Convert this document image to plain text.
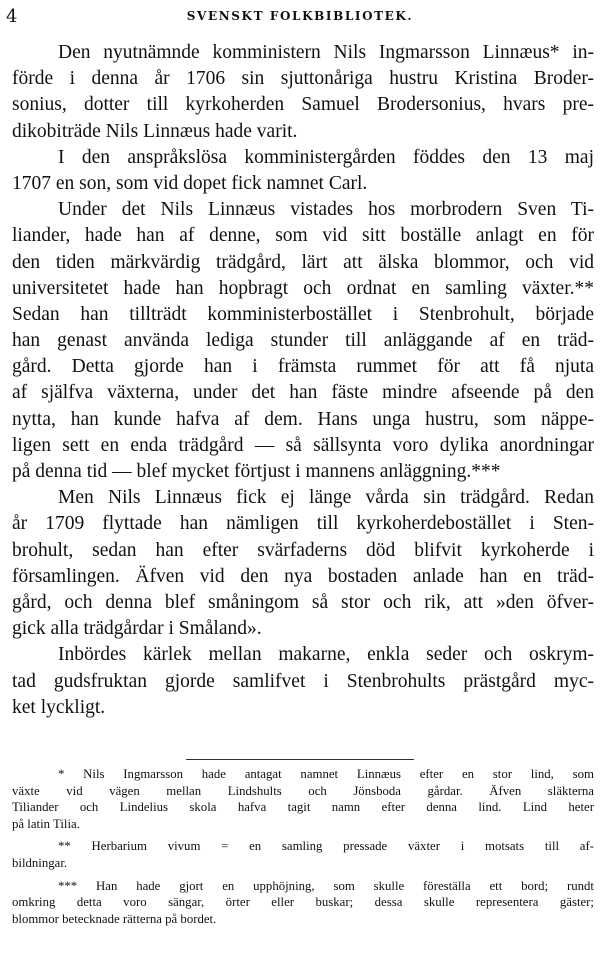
4	SVENSKT FOLKBIBLIOTEK.
Den nyutnämnde komministern Nils Ingmarsson Linnæus* in-
förde i denna år 1706 sin sjuttonåriga hustru Kristina Broder-
sonius, dotter till kyrkoherden Samuel Brodersonius, hvars pre-
dikobiträde Nils Linnæus hade varit.
I den anspråkslösa komministergården föddes den 13 maj
1707 en son, som vid dopet fick namnet Carl.
Under det Nils Linnæus vistades hos morbrodern Sven Ti-
liander, hade han af denne, som vid sitt boställe anlagt en för
den tiden märkvärdig trädgård, lärt att älska blommor, och vid
universitetet hade han hopbragt och ordnat en samling växter.**
Sedan han tillträdt komministerbostället i Stenbrohult, började
han genast använda lediga stunder till anläggande af en träd-
gård. Detta gjorde han i främsta rummet för att få njuta
af själfva växterna, under det han fäste mindre afseende på den
nytta, han kunde hafva af dem. Hans unga hustru, som näppe-
ligen sett en enda trädgård — så sällsynta voro dylika anordningar
på denna tid — blef mycket förtjust i mannens anläggning.***
Men Nils Linnæus fick ej länge vårda sin trädgård. Redan
år 1709 flyttade han nämligen till kyrkoherdebostället i Sten-
brohult, sedan han efter svärfaderns död blifvit kyrkoherde i
församlingen. Äfven vid den nya bostaden anlade han en träd-
gård, och denna blef småningom så stor och rik, att »den öfver-
gick alla trädgårdar i Småland».
Inbördes kärlek mellan makarne, enkla seder och oskrym-
tad gudsfruktan gjorde samlifvet i Stenbrohults prästgård myc-
ket lyckligt.
* Nils Ingmarsson hade antagat namnet Linnæus efter en stor lind, som
växte vid vägen mellan Lindshults och Jönsboda gårdar. Äfven släkterna
Tiliander och Lindelius skola hafva tagit namn efter denna lind. Lind heter
på latin Tilia.
** Herbarium vivum = en samling pressade växter i motsats till af-
bildningar.
*** Han hade gjort en upphöjning, som skulle föreställa ett bord; rundt
omkring detta voro sängar, örter eller buskar; dessa skulle representera gäster;
blommor betecknade rätterna på bordet.
